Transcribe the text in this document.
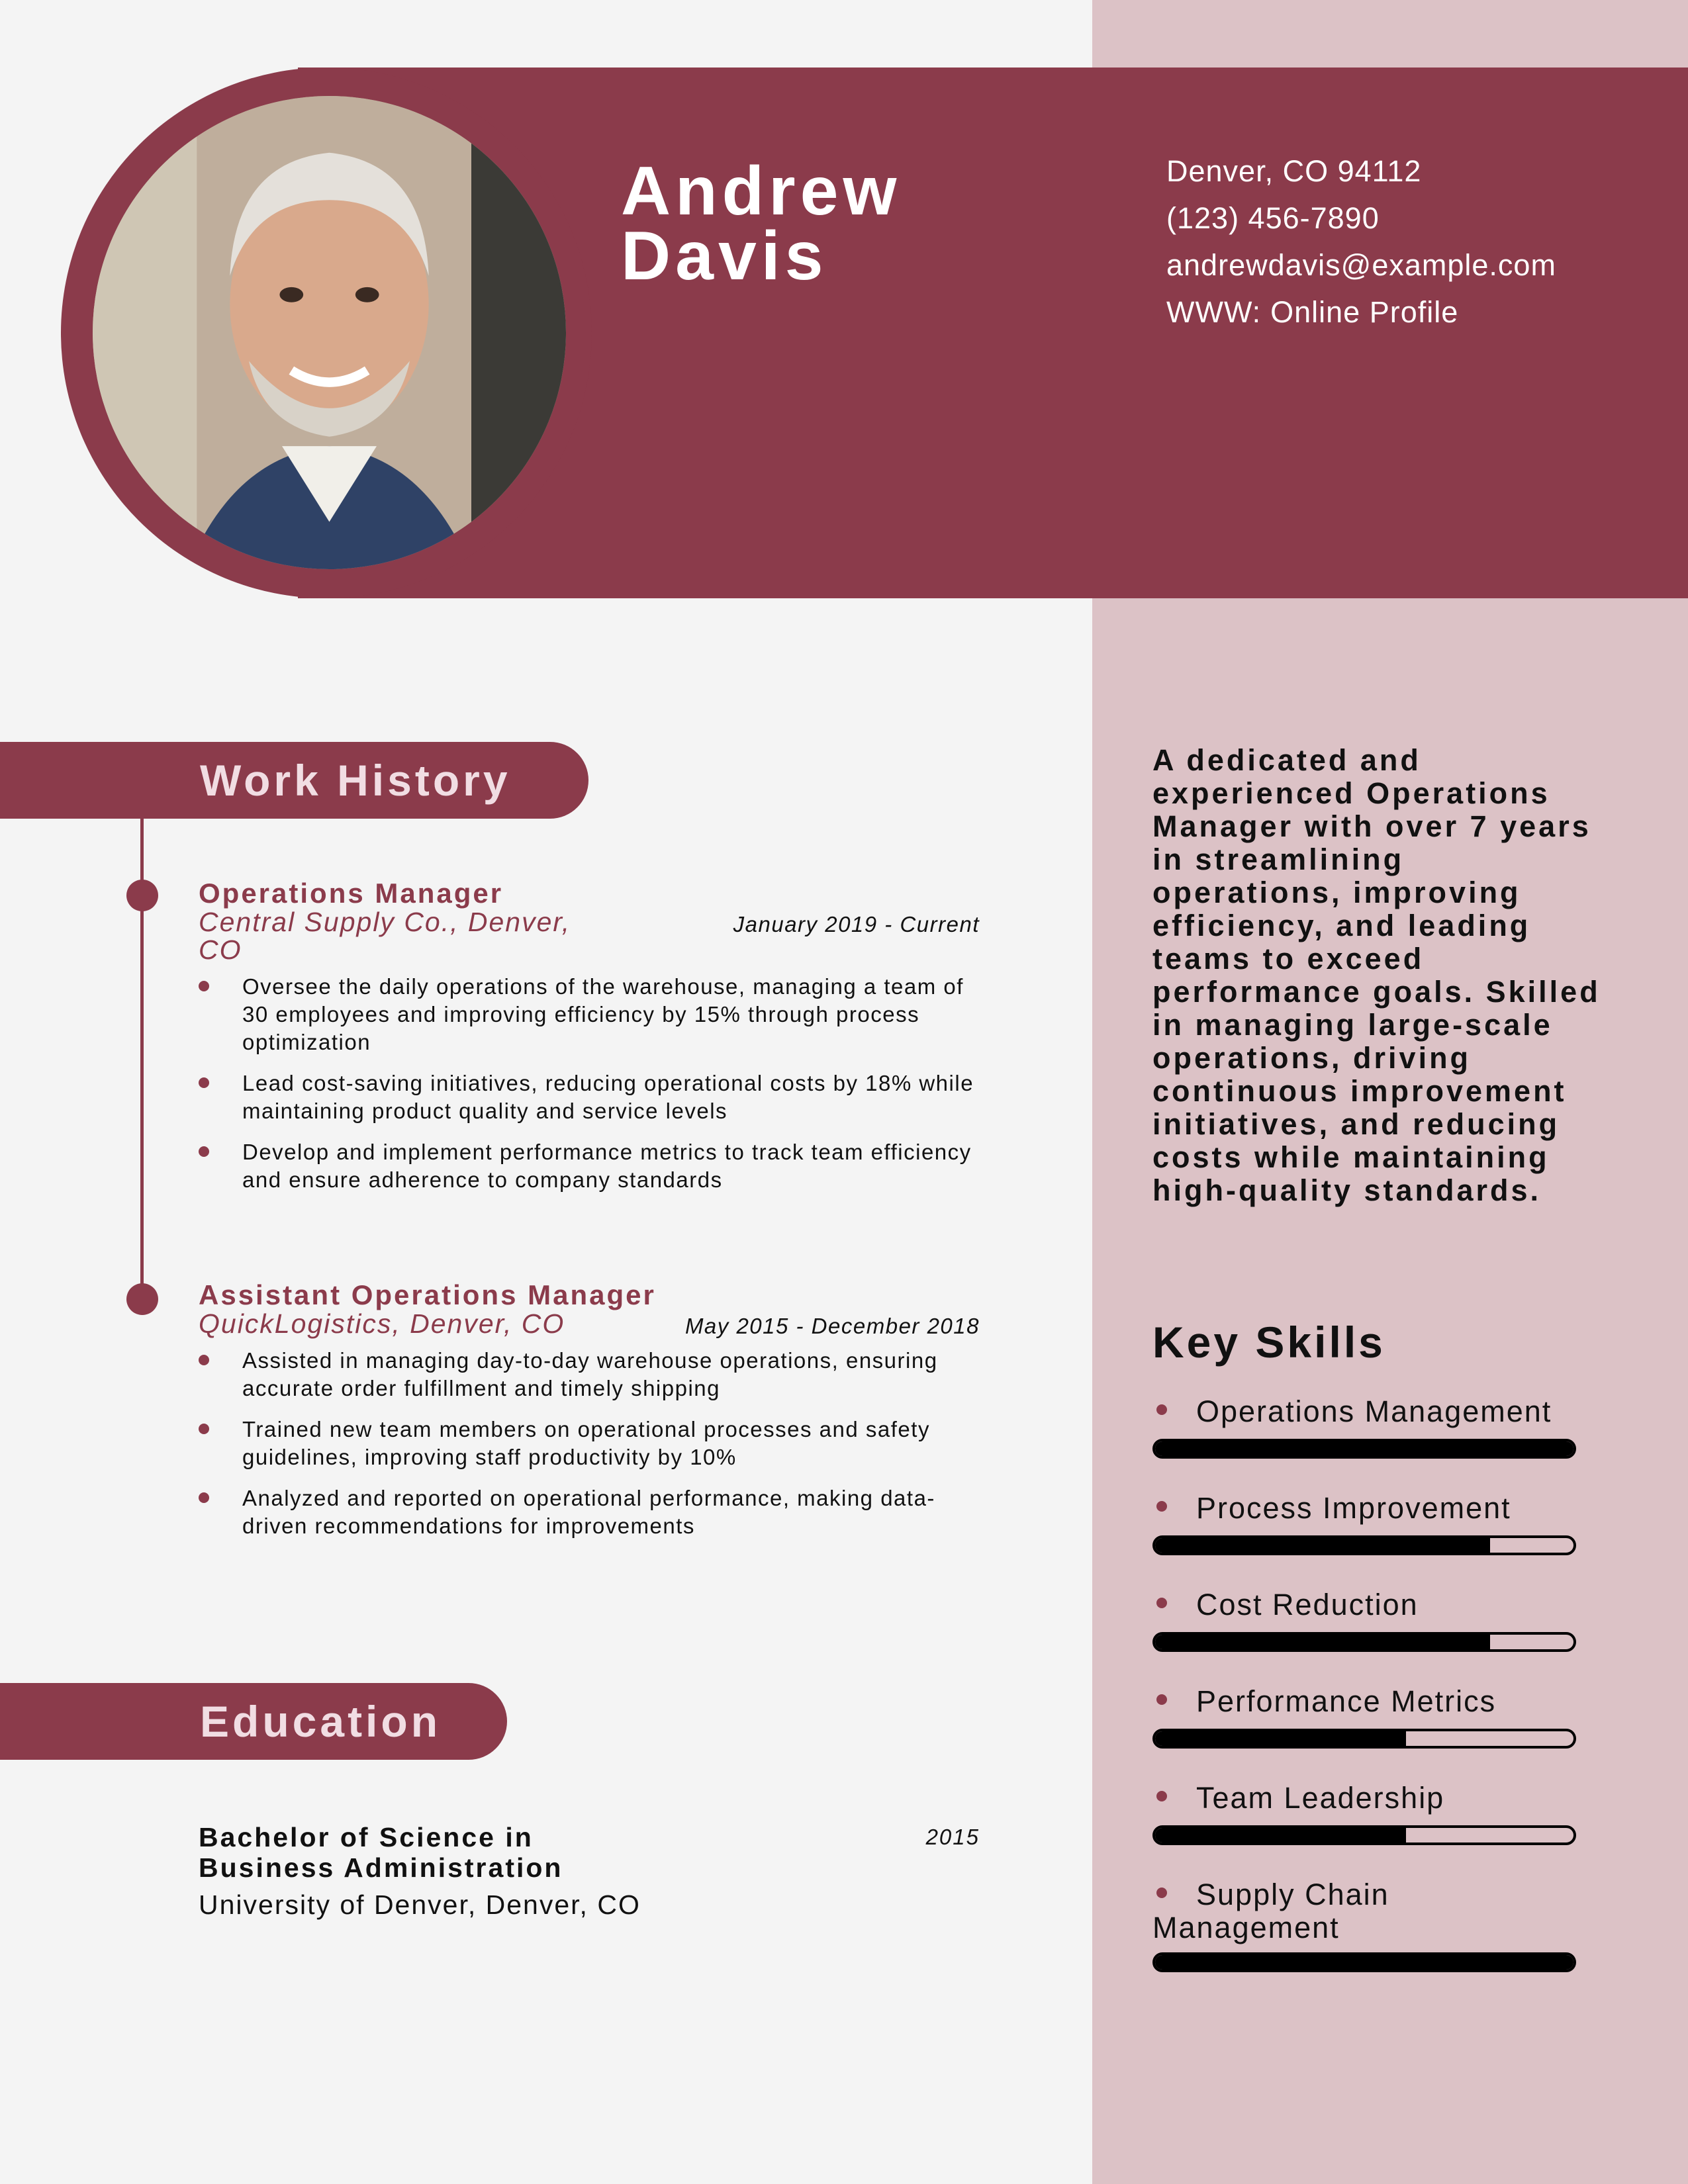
Andrew
Davis
Denver, CO 94112
(123) 456-7890
andrewdavis@example.com
WWW: Online Profile
Work History
Operations Manager
Central Supply Co., Denver, CO
January 2019 - Current
Oversee the daily operations of the warehouse, managing a team of 30 employees and improving efficiency by 15% through process optimization
Lead cost-saving initiatives, reducing operational costs by 18% while maintaining product quality and service levels
Develop and implement performance metrics to track team efficiency and ensure adherence to company standards
Assistant Operations Manager
QuickLogistics, Denver, CO	May 2015 - December 2018
Assisted in managing day-to-day warehouse operations, ensuring accurate order fulfillment and timely shipping
Trained new team members on operational processes and safety guidelines, improving staff productivity by 10%
Analyzed and reported on operational performance, making data-driven recommendations for improvements
Education
Bachelor of Science in Business Administration
2015
University of Denver, Denver, CO
A dedicated and experienced Operations Manager with over 7 years in streamlining operations, improving efficiency, and leading teams to exceed performance goals. Skilled in managing large-scale operations, driving continuous improvement initiatives, and reducing costs while maintaining high-quality standards.
Key Skills
Operations Management
Process Improvement
Cost Reduction
Performance Metrics
Team Leadership
Supply Chain Management
